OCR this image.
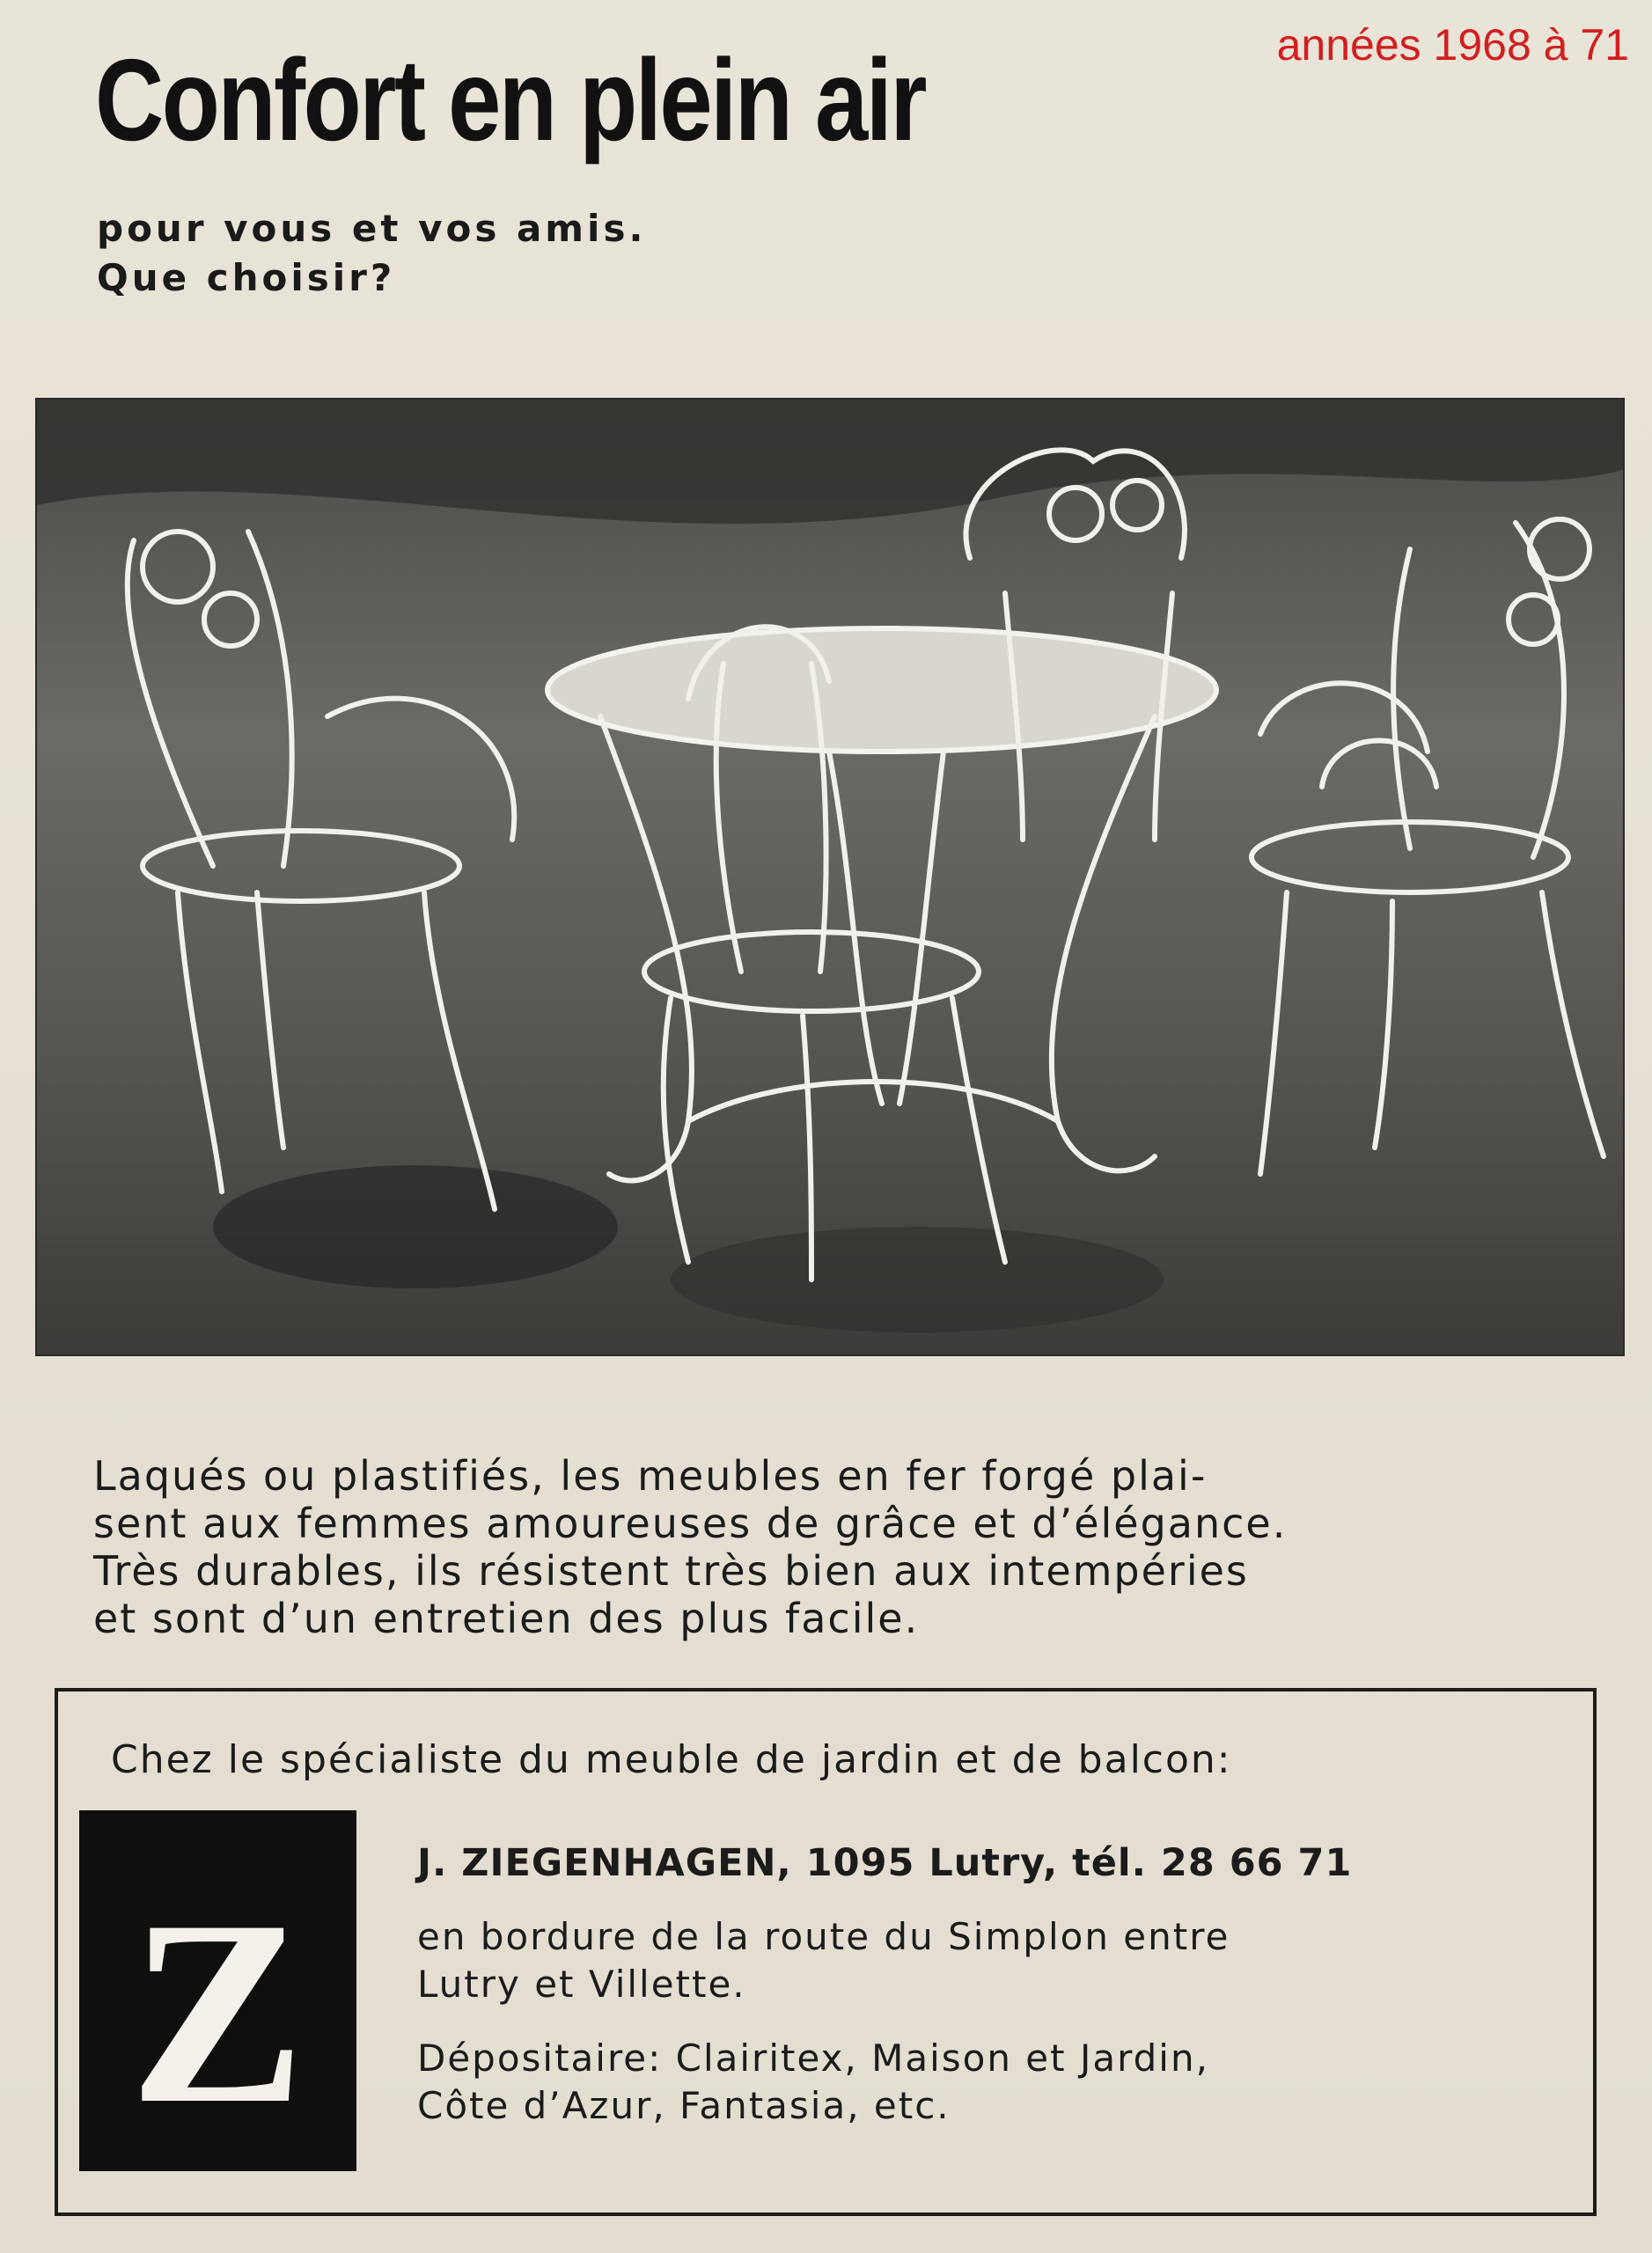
années 1968 à 71
Confort en plein air
pour vous et vos amis.
Que choisir?
Laqués ou plastifiés, les meubles en fer forgé plai-
sent aux femmes amoureuses de grâce et d’élégance.
Très durables, ils résistent très bien aux intempéries
et sont d’un entretien des plus facile.
Chez le spécialiste du meuble de jardin et de balcon:
Z
J. ZIEGENHAGEN, 1095 Lutry, tél. 28 66 71
en bordure de la route du Simplon entre
Lutry et Villette.
Dépositaire: Clairitex, Maison et Jardin,
Côte d’Azur, Fantasia, etc.
